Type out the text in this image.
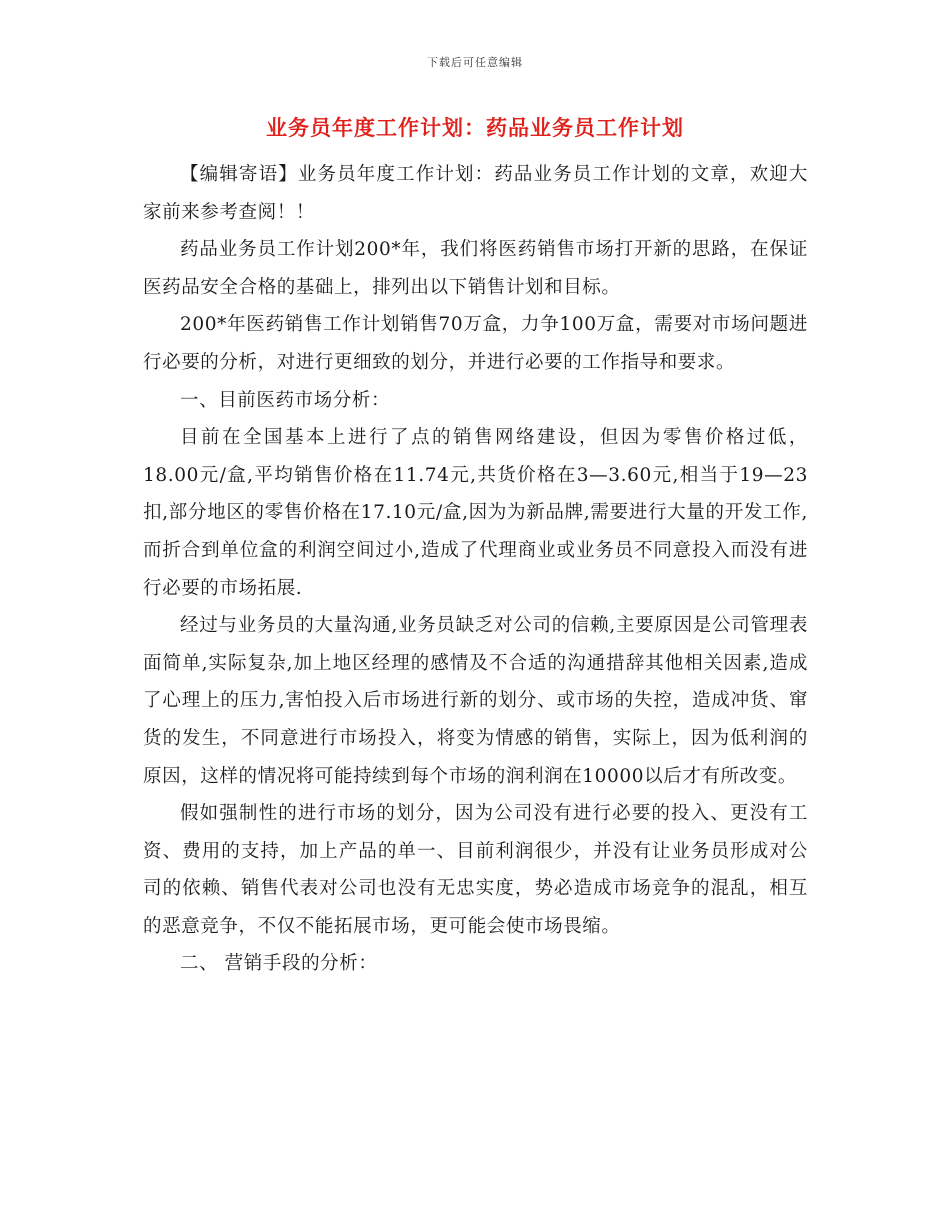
下载后可任意编辑
业务员年度工作计划：药品业务员工作计划

【编辑寄语】业务员年度工作计划：药品业务员工作计划的文章，欢迎大家前来参考查阅！！

药品业务员工作计划200*年，我们将医药销售市场打开新的思路，在保证医药品安全合格的基础上，排列出以下销售计划和目标。

200*年医药销售工作计划销售70万盒，力争100万盒，需要对市场问题进行必要的分析，对进行更细致的划分，并进行必要的工作指导和要求。

一、目前医药市场分析：

目前在全国基本上进行了点的销售网络建设，但因为零售价格过低，18.00元/盒,平均销售价格在11.74元,共货价格在3—3.60元,相当于19—23扣,部分地区的零售价格在17.10元/盒,因为为新品牌,需要进行大量的开发工作,而折合到单位盒的利润空间过小,造成了代理商业或业务员不同意投入而没有进行必要的市场拓展.

经过与业务员的大量沟通,业务员缺乏对公司的信赖,主要原因是公司管理表面简单,实际复杂,加上地区经理的感情及不合适的沟通措辞其他相关因素,造成了心理上的压力,害怕投入后市场进行新的划分、或市场的失控，造成冲货、窜货的发生，不同意进行市场投入，将变为情感的销售，实际上，因为低利润的原因，这样的情况将可能持续到每个市场的润利润在10000以后才有所改变。

假如强制性的进行市场的划分，因为公司没有进行必要的投入、更没有工资、费用的支持，加上产品的单一、目前利润很少，并没有让业务员形成对公司的依赖、销售代表对公司也没有无忠实度，势必造成市场竞争的混乱，相互的恶意竞争，不仅不能拓展市场，更可能会使市场畏缩。

二、 营销手段的分析：
